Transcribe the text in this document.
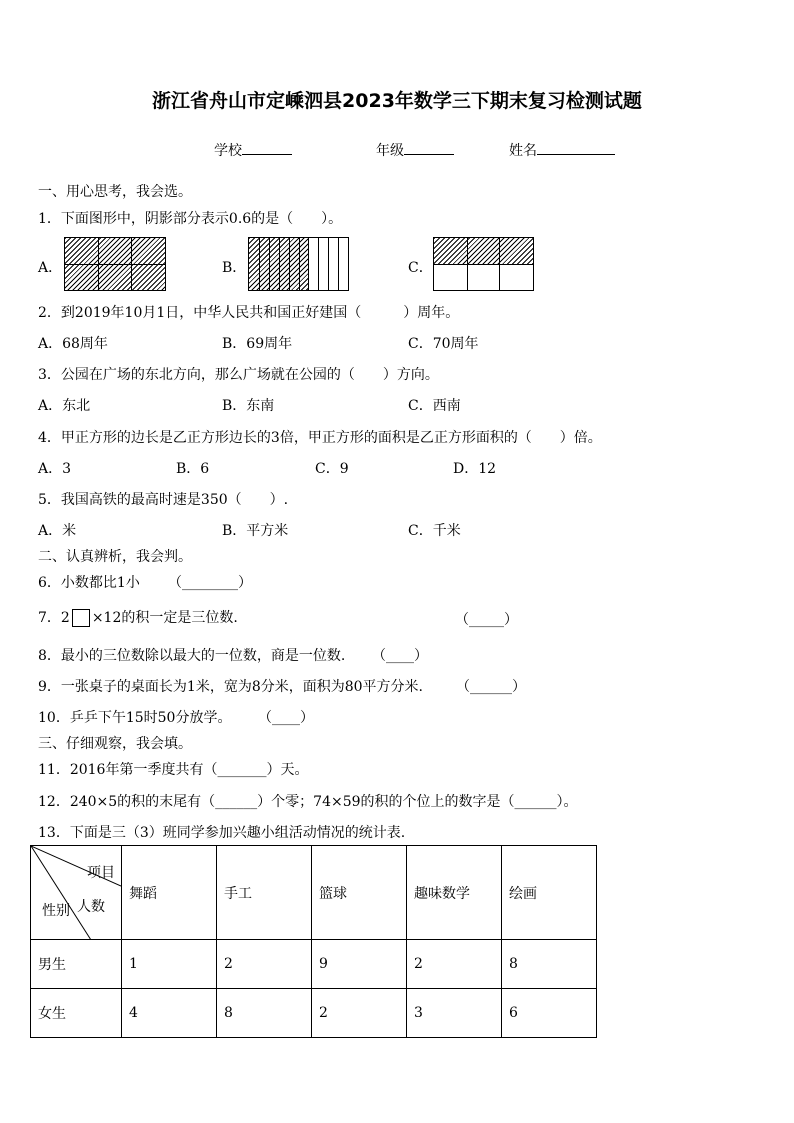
浙江省舟山市定嵊泗县2023年数学三下期末复习检测试题
学校	年级	姓名
一、用心思考，我会选。
1．下面图形中，阴影部分表示0.6的是（　　）。
A．	B．	C．
2．到2019年10月1日，中华人民共和国正好建国（　　　）周年。
A．68周年	B．69周年	C．70周年
3．公园在广场的东北方向，那么广场就在公园的（　　）方向。
A．东北	B．东南	C．西南
4．甲正方形的边长是乙正方形边长的3倍，甲正方形的面积是乙正方形面积的（　　）倍。
A．3	B．6	C．9	D．12
5．我国高铁的最高时速是350（　　）.
A．米	B．平方米	C．千米
二、认真辨析，我会判。
6．小数都比1小 （________）
7．2 ×12的积一定是三位数.	（_____）
8．最小的三位数除以最大的一位数，商是一位数. （____）
9．一张桌子的桌面长为1米，宽为8分米，面积为80平方分米. （______）
10．乒乒下午15时50分放学。 （____）
三、仔细观察，我会填。
11．2016年第一季度共有（_______）天。
12．240×5的积的末尾有（______）个零；74×59的积的个位上的数字是（______）。
13．下面是三（3）班同学参加兴趣小组活动情况的统计表.
项目
人数
性别	舞蹈	手工	篮球	趣味数学	绘画
男生	1	2	9	2	8
女生	4	8	2	3	6
